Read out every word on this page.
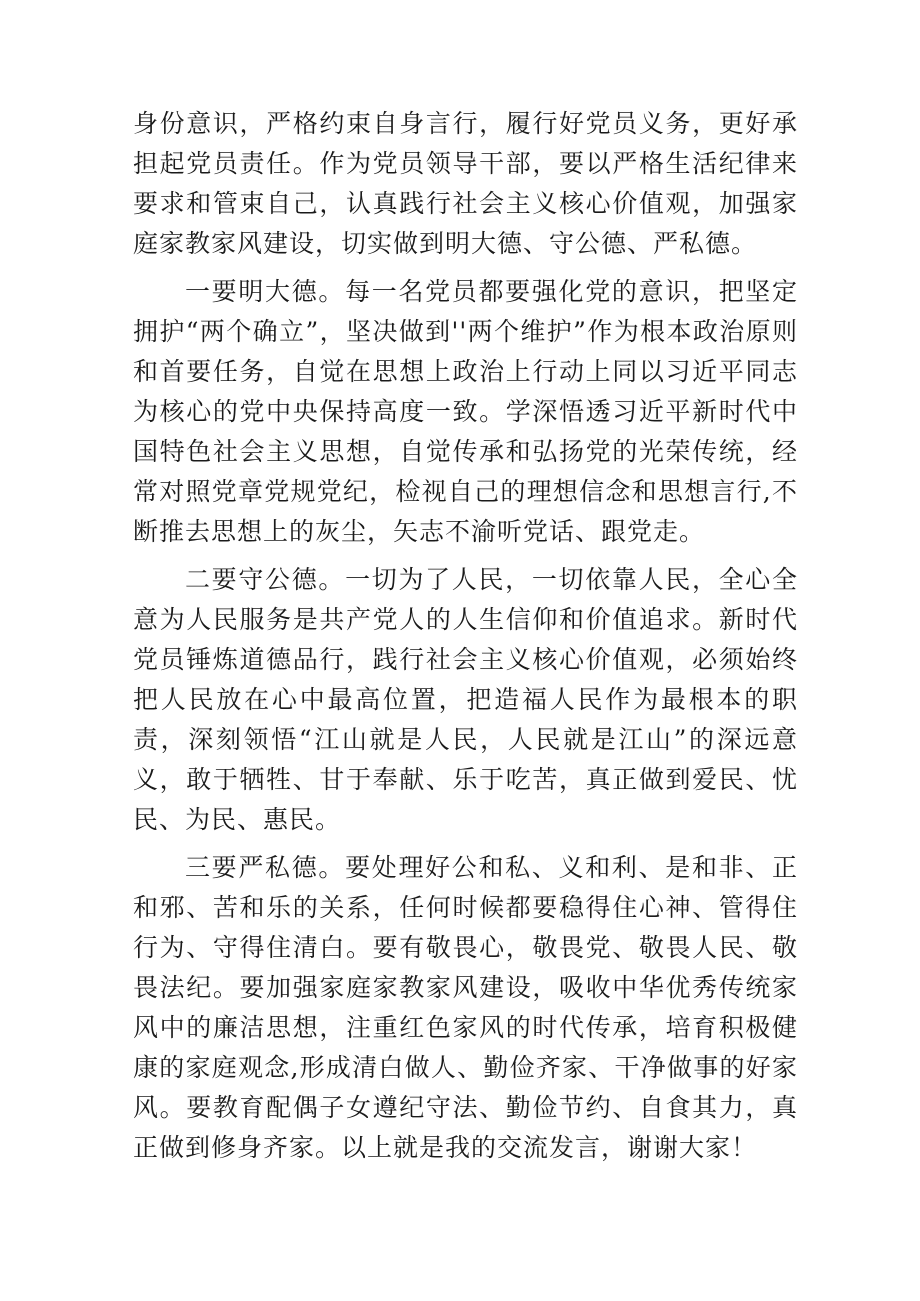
身份意识，严格约束自身言行，履行好党员义务，更好承担起党员责任。作为党员领导干部，要以严格生活纪律来要求和管束自己，认真践行社会主义核心价值观，加强家庭家教家风建设，切实做到明大德、守公德、严私德。

一要明大德。每一名党员都要强化党的意识，把坚定拥护“两个确立”，坚决做到''两个维护”作为根本政治原则和首要任务，自觉在思想上政治上行动上同以习近平同志为核心的党中央保持高度一致。学深悟透习近平新时代中国特色社会主义思想，自觉传承和弘扬党的光荣传统，经常对照党章党规党纪，检视自己的理想信念和思想言行,不断推去思想上的灰尘，矢志不渝听党话、跟党走。

二要守公德。一切为了人民，一切依靠人民，全心全意为人民服务是共产党人的人生信仰和价值追求。新时代党员锤炼道德品行，践行社会主义核心价值观，必须始终把人民放在心中最高位置，把造福人民作为最根本的职责，深刻领悟“江山就是人民，人民就是江山”的深远意义，敢于牺牲、甘于奉献、乐于吃苦，真正做到爱民、忧民、为民、惠民。

三要严私德。要处理好公和私、义和利、是和非、正和邪、苦和乐的关系，任何时候都要稳得住心神、管得住行为、守得住清白。要有敬畏心，敬畏党、敬畏人民、敬畏法纪。要加强家庭家教家风建设，吸收中华优秀传统家风中的廉洁思想，注重红色家风的时代传承，培育积极健康的家庭观念,形成清白做人、勤俭齐家、干净做事的好家风。要教育配偶子女遵纪守法、勤俭节约、自食其力，真正做到修身齐家。以上就是我的交流发言，谢谢大家！
